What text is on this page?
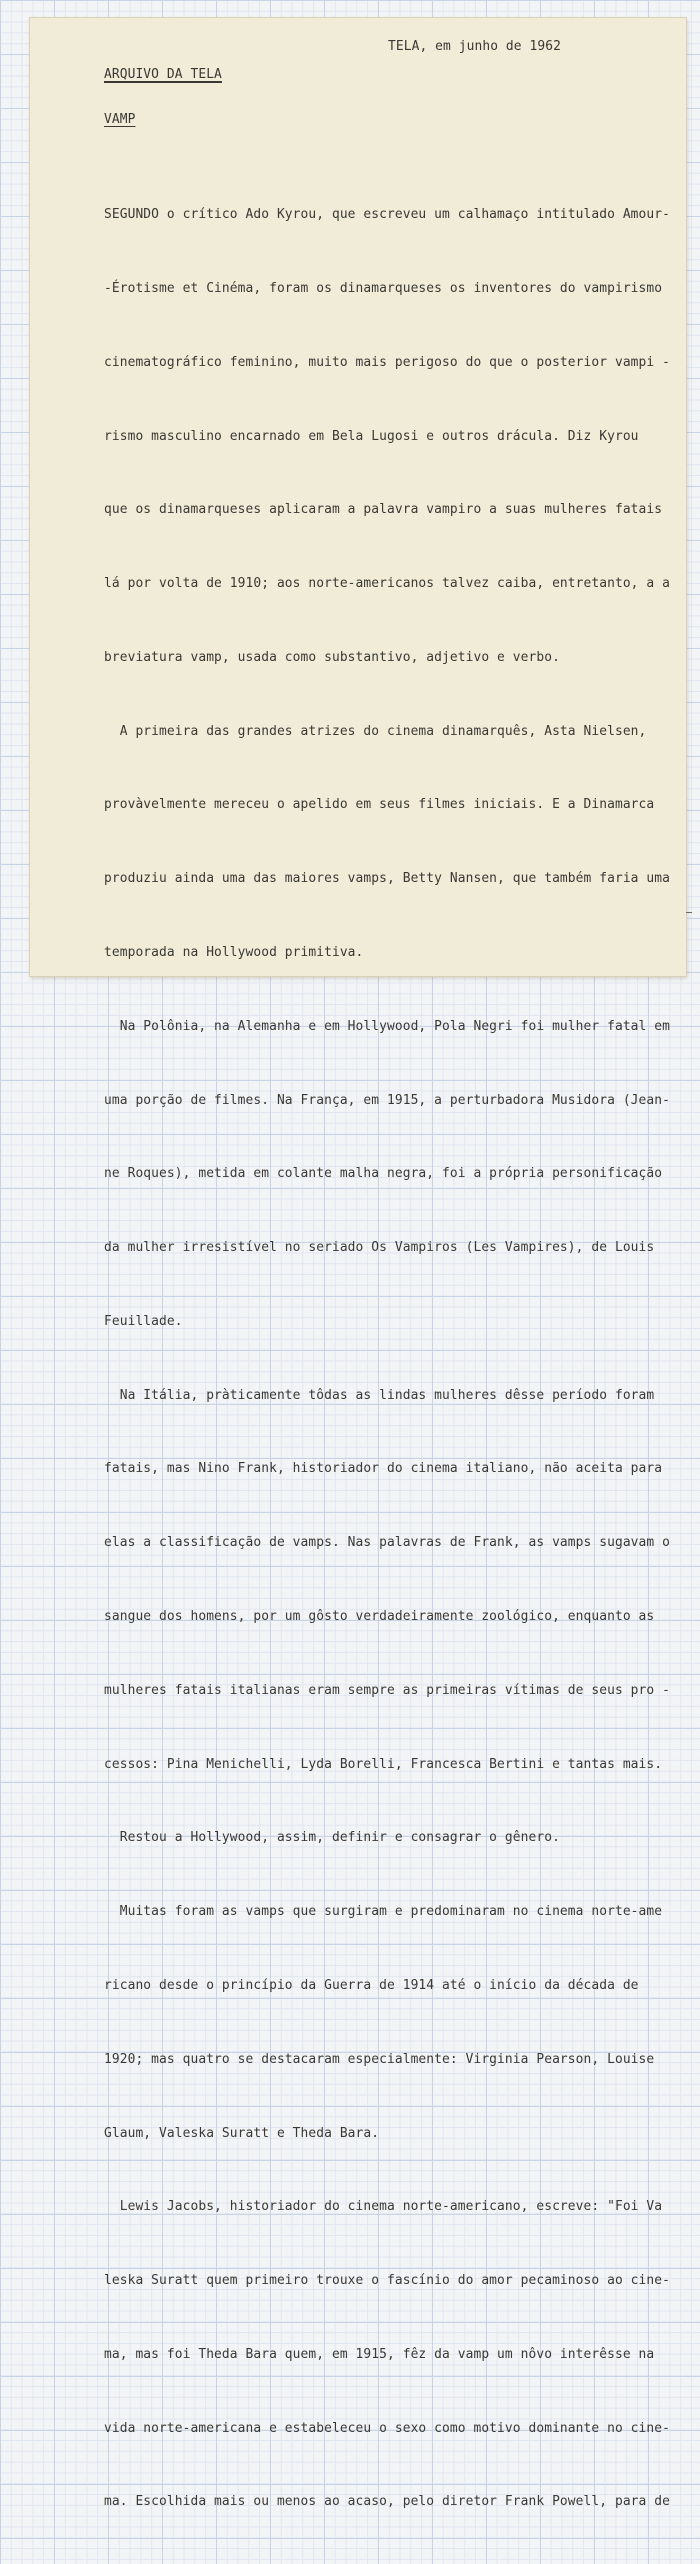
TELA, em junho de 1962

ARQUIVO DA TELA

VAMP

SEGUNDO o crítico Ado Kyrou, que escreveu um calhamaço intitulado Amour-

-Érotisme et Cinéma, foram os dinamarqueses os inventores do vampirismo

cinematográfico feminino, muito mais perigoso do que o posterior vampi -

rismo masculino encarnado em Bela Lugosi e outros drácula. Diz Kyrou

que os dinamarqueses aplicaram a palavra vampiro a suas mulheres fatais

lá por volta de 1910; aos norte-americanos talvez caiba, entretanto, a a

breviatura vamp, usada como substantivo, adjetivo e verbo.

A primeira das grandes atrizes do cinema dinamarquês, Asta Nielsen,

provàvelmente mereceu o apelido em seus filmes iniciais. E a Dinamarca

produziu ainda uma das maiores vamps, Betty Nansen, que também faria uma

temporada na Hollywood primitiva.

Na Polônia, na Alemanha e em Hollywood, Pola Negri foi mulher fatal em

uma porção de filmes. Na França, em 1915, a perturbadora Musidora (Jean-

ne Roques), metida em colante malha negra, foi a própria personificação

da mulher irresistível no seriado Os Vampiros (Les Vampires), de Louis

Feuillade.

Na Itália, pràticamente tôdas as lindas mulheres dêsse período foram

fatais, mas Nino Frank, historiador do cinema italiano, não aceita para

elas a classificação de vamps. Nas palavras de Frank, as vamps sugavam o

sangue dos homens, por um gôsto verdadeiramente zoológico, enquanto as

mulheres fatais italianas eram sempre as primeiras vítimas de seus pro -

cessos: Pina Menichelli, Lyda Borelli, Francesca Bertini e tantas mais.

Restou a Hollywood, assim, definir e consagrar o gênero.

Muitas foram as vamps que surgiram e predominaram no cinema norte-ame

ricano desde o princípio da Guerra de 1914 até o início da década de

1920; mas quatro se destacaram especialmente: Virginia Pearson, Louise

Glaum, Valeska Suratt e Theda Bara.

Lewis Jacobs, historiador do cinema norte-americano, escreve: "Foi Va

leska Suratt quem primeiro trouxe o fascínio do amor pecaminoso ao cine-

ma, mas foi Theda Bara quem, em 1915, fêz da vamp um nôvo interêsse na

vida norte-americana e estabeleceu o sexo como motivo dominante no cine-

ma. Escolhida mais ou menos ao acaso, pelo diretor Frank Powell, para de
